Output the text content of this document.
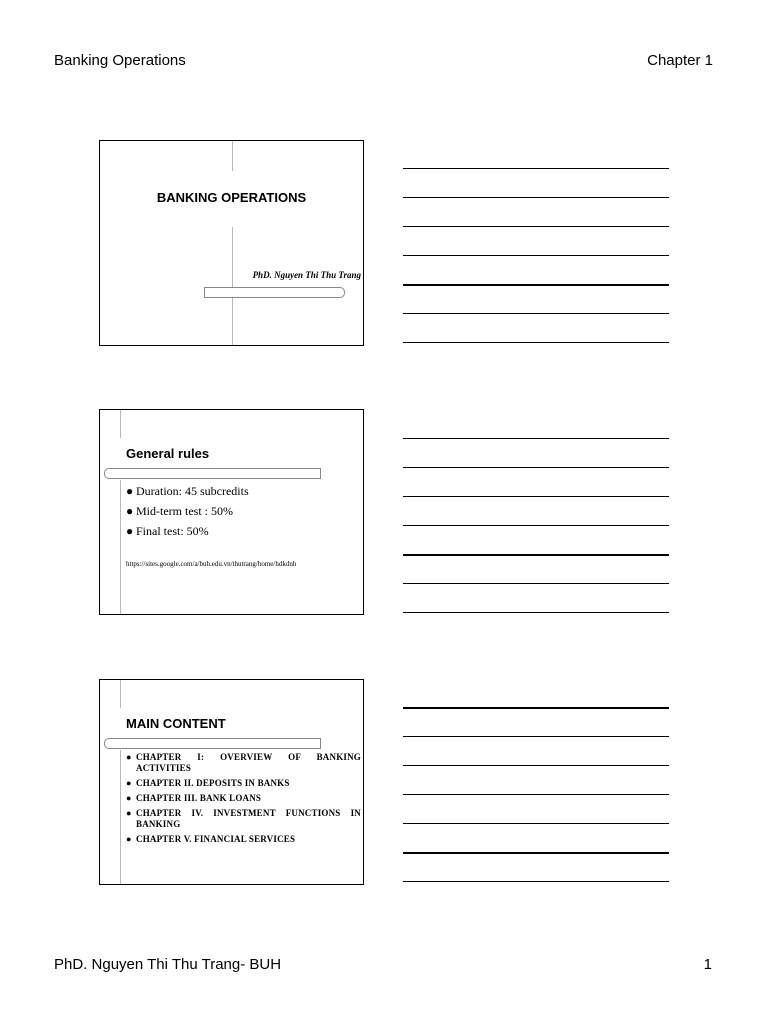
Banking Operations	Chapter 1
BANKING OPERATIONS
PhD. Nguyen Thi Thu Trang
General rules
● Duration: 45 subcredits
● Mid-term test : 50%
● Final test: 50%
https://sites.google.com/a/buh.edu.vn/thutrang/home/hdkdnh
MAIN CONTENT
● CHAPTER I: OVERVIEW OF BANKING ACTIVITIES
● CHAPTER II. DEPOSITS IN BANKS
● CHAPTER III. BANK LOANS
● CHAPTER IV. INVESTMENT FUNCTIONS IN BANKING
● CHAPTER V. FINANCIAL SERVICES
PhD. Nguyen Thi Thu Trang- BUH	1
